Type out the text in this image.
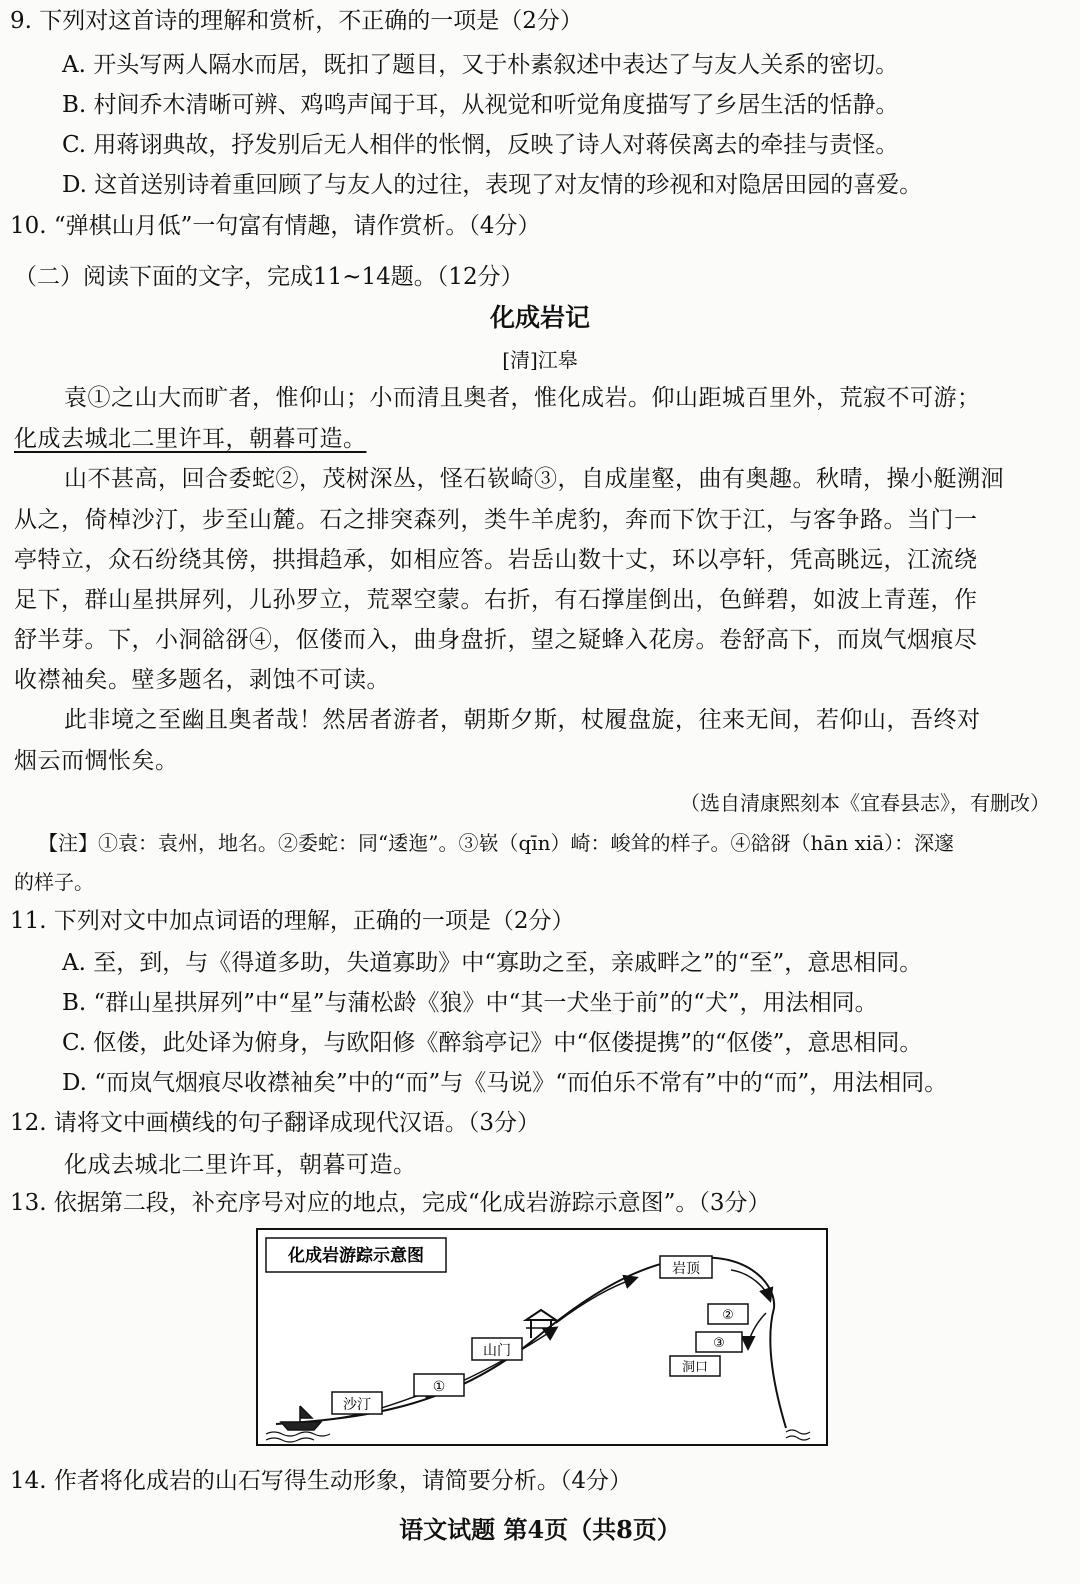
9. 下列对这首诗的理解和赏析，不正确的一项是（2分）
A. 开头写两人隔水而居，既扣了题目，又于朴素叙述中表达了与友人关系的密切。
B. 村间乔木清晰可辨、鸡鸣声闻于耳，从视觉和听觉角度描写了乡居生活的恬静。
C. 用蒋诩典故，抒发别后无人相伴的怅惘，反映了诗人对蒋侯离去的牵挂与责怪。
D. 这首送别诗着重回顾了与友人的过往，表现了对友情的珍视和对隐居田园的喜爱。
10. “弹棋山月低”一句富有情趣，请作赏析。（4分）
（二）阅读下面的文字，完成11~14题。（12分）
化成岩记
[清]江皋
袁①之山大而旷者，惟仰山；小而清且奥者，惟化成岩。仰山距城百里外，荒寂不可游；
化成去城北二里许耳，朝暮可造。
山不甚高，回合委蛇②，茂树深丛，怪石嵚崎③，自成崖壑，曲有奥趣。秋晴，操小艇溯洄
从之，倚棹沙汀，步至山麓。石之排突森列，类牛羊虎豹，奔而下饮于江，与客争路。当门一
亭特立，众石纷绕其傍，拱揖趋承，如相应答。岩岳山数十丈，环以亭轩，凭高眺远，江流绕
足下，群山星拱屏列，儿孙罗立，荒翠空蒙。右折，有石撑崖倒出，色鲜碧，如波上青莲，作
舒半芽。下，小洞谽谺④，伛偻而入，曲身盘折，望之疑蜂入花房。卷舒高下，而岚气烟痕尽
收襟袖矣。壁多题名，剥蚀不可读。
此非境之至幽且奥者哉！然居者游者，朝斯夕斯，杖履盘旋，往来无间，若仰山，吾终对
烟云而惆怅矣。
（选自清康熙刻本《宜春县志》，有删改）
【注】①袁：袁州，地名。②委蛇：同“逶迤”。③嵚（qīn）崎：峻耸的样子。④谽谺（hān xiā）：深邃
的样子。
11. 下列对文中加点词语的理解，正确的一项是（2分）
A. 至，到，与《得道多助，失道寡助》中“寡助之至，亲戚畔之”的“至”，意思相同。
B. “群山星拱屏列”中“星”与蒲松龄《狼》中“其一犬坐于前”的“犬”，用法相同。
C. 伛偻，此处译为俯身，与欧阳修《醉翁亭记》中“伛偻提携”的“伛偻”，意思相同。
D. “而岚气烟痕尽收襟袖矣”中的“而”与《马说》“而伯乐不常有”中的“而”，用法相同。
12. 请将文中画横线的句子翻译成现代汉语。（3分）
化成去城北二里许耳，朝暮可造。
13. 依据第二段，补充序号对应的地点，完成“化成岩游踪示意图”。（3分）
化成岩游踪示意图
沙汀
①
山门
岩顶
②
③
洞口
14. 作者将化成岩的山石写得生动形象，请简要分析。（4分）
语文试题 第4页（共8页）
